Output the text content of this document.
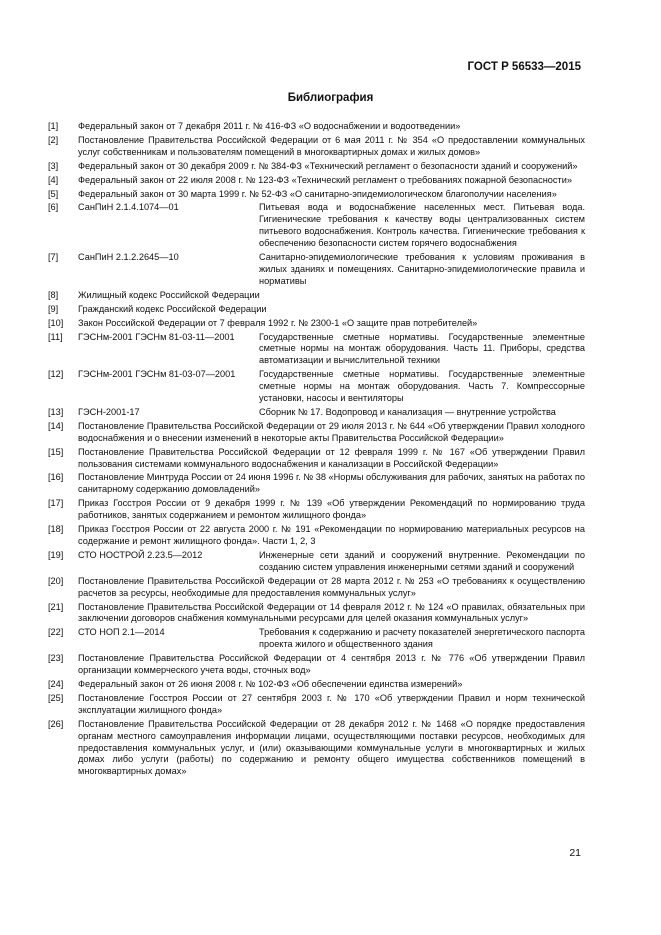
ГОСТ Р 56533—2015
Библиография
[1]	Федеральный закон от 7 декабря 2011 г. № 416-ФЗ «О водоснабжении и водоотведении»
[2]	Постановление Правительства Российской Федерации от 6 мая 2011 г. № 354 «О предоставлении коммунальных услуг собственникам и пользователям помещений в многоквартирных домах и жилых домов»
[3]	Федеральный закон от 30 декабря 2009 г. № 384-ФЗ «Технический регламент о безопасности зданий и сооружений»
[4]	Федеральный закон от 22 июля 2008 г. № 123-ФЗ «Технический регламент о требованиях пожарной безопасности»
[5]	Федеральный закон от 30 марта 1999 г. № 52-ФЗ «О санитарно-эпидемиологическом благополучии населения»
[6]	СанПиН 2.1.4.1074—01	Питьевая вода и водоснабжение населенных мест. Питьевая вода. Гигиенические требования к качеству воды централизованных систем питьевого водоснабжения. Контроль качества. Гигиенические требования к обеспечению безопасности систем горячего водоснабжения
[7]	СанПиН 2.1.2.2645—10	Санитарно-эпидемиологические требования к условиям проживания в жилых зданиях и помещениях. Санитарно-эпидемиологические правила и нормативы
[8]	Жилищный кодекс Российской Федерации
[9]	Гражданский кодекс Российской Федерации
[10]	Закон Российской Федерации от 7 февраля 1992 г. № 2300-1 «О защите прав потребителей»
[11]	ГЭСНм-2001 ГЭСНм 81-03-11—2001	Государственные сметные нормативы. Государственные элементные сметные нормы на монтаж оборудования. Часть 11. Приборы, средства автоматизации и вычислительной техники
[12]	ГЭСНм-2001 ГЭСНм 81-03-07—2001	Государственные сметные нормативы. Государственные элементные сметные нормы на монтаж оборудования. Часть 7. Компрессорные установки, насосы и вентиляторы
[13]	ГЭСН-2001-17	Сборник № 17. Водопровод и канализация — внутренние устройства
[14]	Постановление Правительства Российской Федерации от 29 июля 2013 г. № 644 «Об утверждении Правил холодного водоснабжения и о внесении изменений в некоторые акты Правительства Российской Федерации»
[15]	Постановление Правительства Российской Федерации от 12 февраля 1999 г. № 167 «Об утверждении Правил пользования системами коммунального водоснабжения и канализации в Российской Федерации»
[16]	Постановление Минтруда России от 24 июня 1996 г. № 38 «Нормы обслуживания для рабочих, занятых на работах по санитарному содержанию домовладений»
[17]	Приказ Госстроя России от 9 декабря 1999 г. № 139 «Об утверждении Рекомендаций по нормированию труда работников, занятых содержанием и ремонтом жилищного фонда»
[18]	Приказ Госстроя России от 22 августа 2000 г. № 191 «Рекомендации по нормированию материальных ресурсов на содержание и ремонт жилищного фонда». Части 1, 2, 3
[19]	СТО НОСТРОЙ 2.23.5—2012	Инженерные сети зданий и сооружений внутренние. Рекомендации по созданию систем управления инженерными сетями зданий и сооружений
[20]	Постановление Правительства Российской Федерации от 28 марта 2012 г. № 253 «О требованиях к осуществлению расчетов за ресурсы, необходимые для предоставления коммунальных услуг»
[21]	Постановление Правительства Российской Федерации от 14 февраля 2012 г. № 124 «О правилах, обязательных при заключении договоров снабжения коммунальными ресурсами для целей оказания коммунальных услуг»
[22]	СТО НОП 2.1—2014	Требования к содержанию и расчету показателей энергетического паспорта проекта жилого и общественного здания
[23]	Постановление Правительства Российской Федерации от 4 сентября 2013 г. № 776 «Об утверждении Правил организации коммерческого учета воды, сточных вод»
[24]	Федеральный закон от 26 июня 2008 г. № 102-ФЗ «Об обеспечении единства измерений»
[25]	Постановление Госстроя России от 27 сентября 2003 г. № 170 «Об утверждении Правил и норм технической эксплуатации жилищного фонда»
[26]	Постановление Правительства Российской Федерации от 28 декабря 2012 г. № 1468 «О порядке предоставления органам местного самоуправления информации лицами, осуществляющими поставки ресурсов, необходимых для предоставления коммунальных услуг, и (или) оказывающими коммунальные услуги в многоквартирных и жилых домах либо услуги (работы) по содержанию и ремонту общего имущества собственников помещений в многоквартирных домах»
21
